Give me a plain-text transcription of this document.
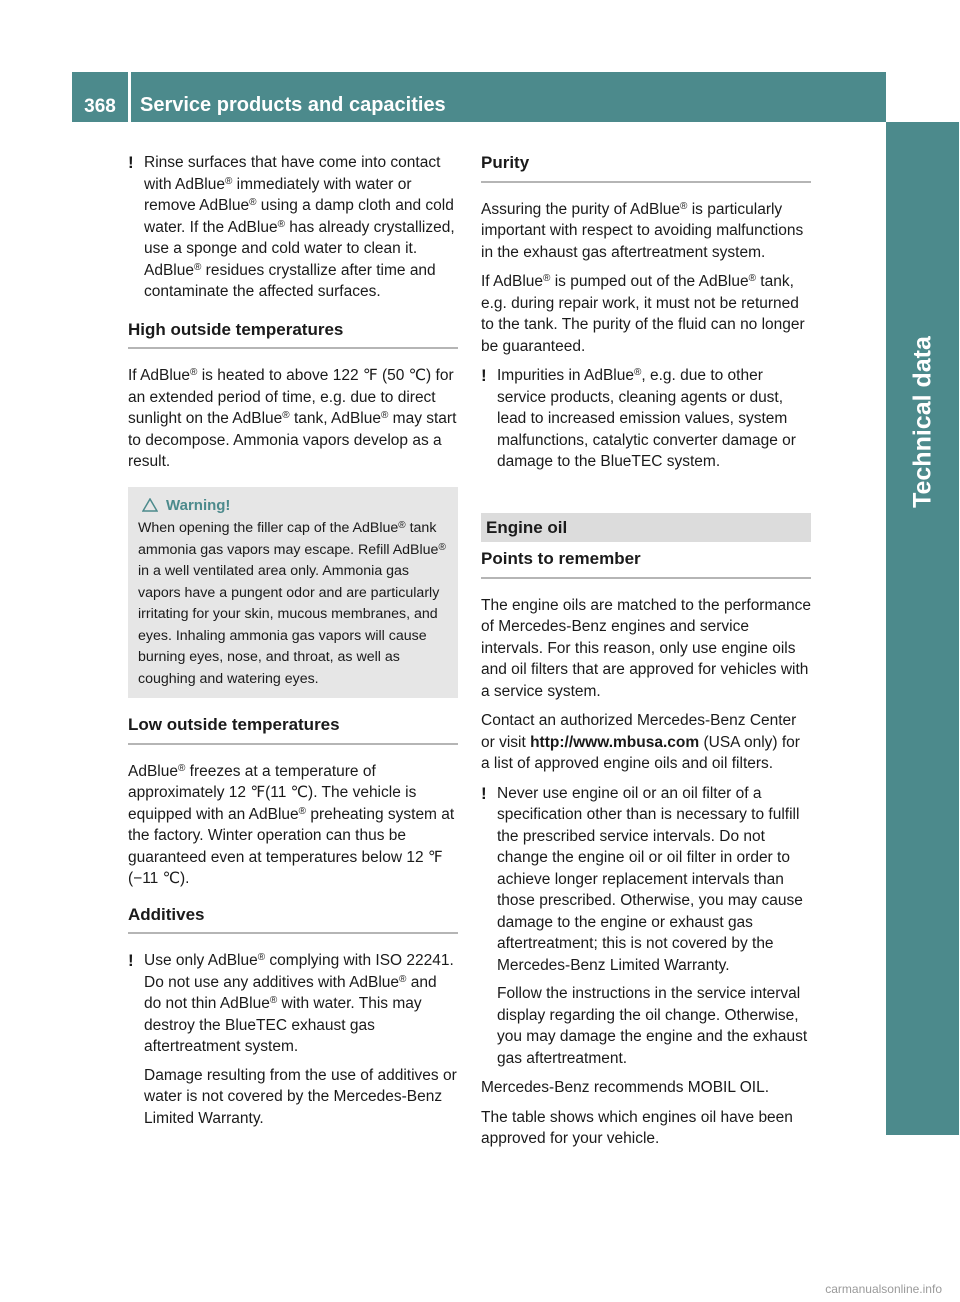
368	Service products and capacities
Technical data
! Rinse surfaces that have come into contact with AdBlue® immediately with water or remove AdBlue® using a damp cloth and cold water. If the AdBlue® has already crystallized, use a sponge and cold water to clean it. AdBlue® residues crystallize after time and contaminate the affected surfaces.

High outside temperatures

If AdBlue® is heated to above 122 ℉ (50 ℃) for an extended period of time, e.g. due to direct sunlight on the AdBlue® tank, AdBlue® may start to decompose. Ammonia vapors develop as a result.

Warning!
When opening the filler cap of the AdBlue® tank ammonia gas vapors may escape. Refill AdBlue® in a well ventilated area only. Ammonia gas vapors have a pungent odor and are particularly irritating for your skin, mucous membranes, and eyes. Inhaling ammonia gas vapors will cause burning eyes, nose, and throat, as well as coughing and watering eyes.
Low outside temperatures

AdBlue® freezes at a temperature of approximately 12 ℉(11 ℃). The vehicle is equipped with an AdBlue® preheating system at the factory. Winter operation can thus be guaranteed even at temperatures below 12 ℉(−11 ℃).

Additives
! Use only AdBlue® complying with ISO 22241. Do not use any additives with AdBlue® and do not thin AdBlue® with water. This may destroy the BlueTEC exhaust gas aftertreatment system.

Damage resulting from the use of additives or water is not covered by the Mercedes-Benz Limited Warranty.

Purity

Assuring the purity of AdBlue® is particularly important with respect to avoiding malfunctions in the exhaust gas aftertreatment system.

If AdBlue® is pumped out of the AdBlue® tank, e.g. during repair work, it must not be returned to the tank. The purity of the fluid can no longer be guaranteed.

! Impurities in AdBlue®, e.g. due to other service products, cleaning agents or dust, lead to increased emission values, system malfunctions, catalytic converter damage or damage to the BlueTEC system.

Engine oil
Points to remember

The engine oils are matched to the performance of Mercedes-Benz engines and service intervals. For this reason, only use engine oils and oil filters that are approved for vehicles with a service system.

Contact an authorized Mercedes-Benz Center or visit http://www.mbusa.com (USA only) for a list of approved engine oils and oil filters.

! Never use engine oil or an oil filter of a specification other than is necessary to fulfill the prescribed service intervals. Do not change the engine oil or oil filter in order to achieve longer replacement intervals than those prescribed. Otherwise, you may cause damage to the engine or exhaust gas aftertreatment; this is not covered by the Mercedes-Benz Limited Warranty.

Follow the instructions in the service interval display regarding the oil change. Otherwise, you may damage the engine and the exhaust gas aftertreatment.

Mercedes-Benz recommends MOBIL OIL.

The table shows which engines oil have been approved for your vehicle.

carmanualsonline.info
